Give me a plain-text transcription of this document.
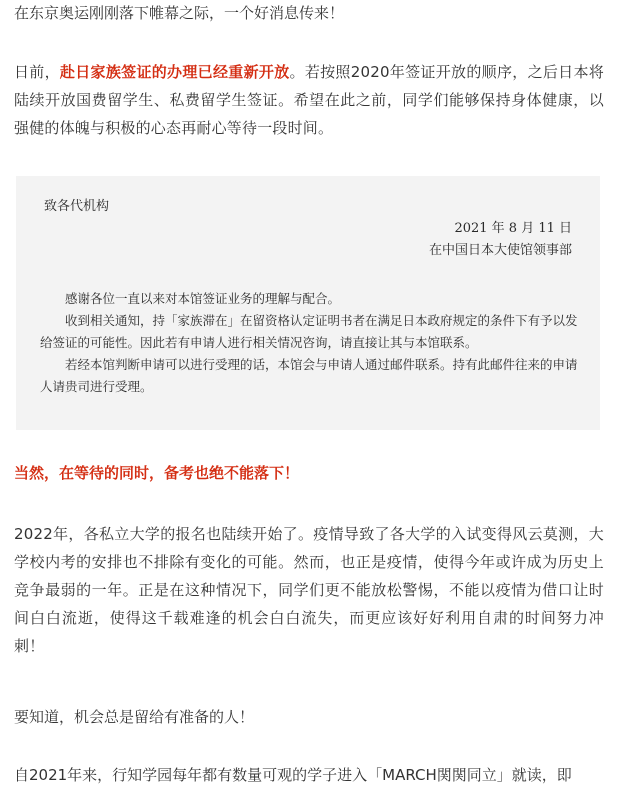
在东京奥运刚刚落下帷幕之际，一个好消息传来！
日前，赴日家族签证的办理已经重新开放。若按照2020年签证开放的顺序，之后日本将陆续开放国费留学生、私费留学生签证。希望在此之前，同学们能够保持身体健康，以强健的体魄与积极的心态再耐心等待一段时间。
致各代机构
2021 年 8 月 11 日
在中国日本大使馆领事部

感谢各位一直以来对本馆签证业务的理解与配合。

收到相关通知，持「家族滞在」在留资格认定证明书者在满足日本政府规定的条件下有予以发给签证的可能性。因此若有申请人进行相关情况咨询，请直接让其与本馆联系。

若经本馆判断申请可以进行受理的话，本馆会与申请人通过邮件联系。持有此邮件往来的申请人请贵司进行受理。

当然，在等待的同时，备考也绝不能落下！
2022年，各私立大学的报名也陆续开始了。疫情导致了各大学的入试变得风云莫测，大学校内考的安排也不排除有变化的可能。然而，也正是疫情，使得今年或许成为历史上竞争最弱的一年。正是在这种情况下，同学们更不能放松警惕，不能以疫情为借口让时间白白流逝，使得这千载难逢的机会白白流失，而更应该好好利用自肃的时间努力冲刺！
要知道，机会总是留给有准备的人！
自2021年来，行知学园每年都有数量可观的学子进入「MARCH関関同立」就读，即
